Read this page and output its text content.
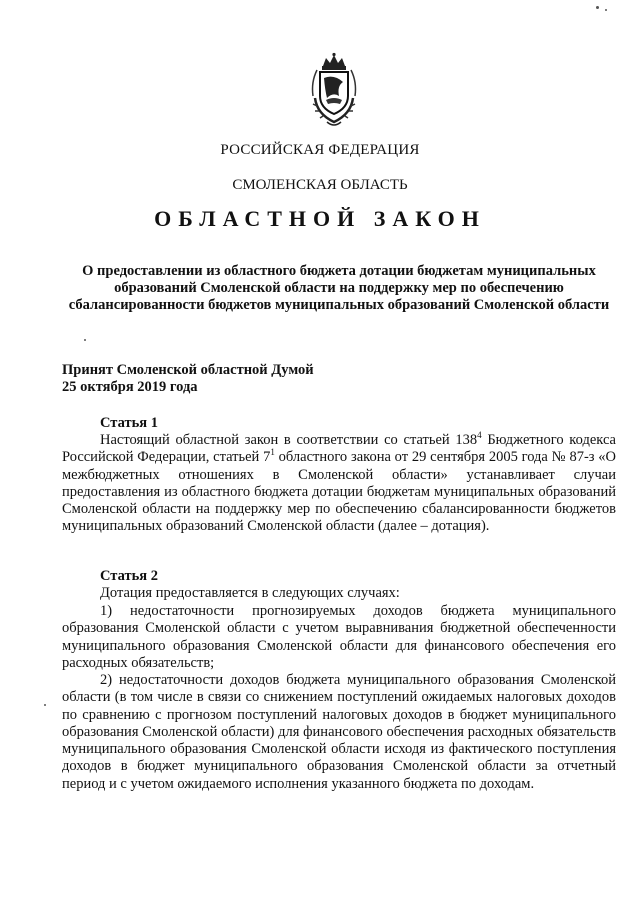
РОССИЙСКАЯ ФЕДЕРАЦИЯ
СМОЛЕНСКАЯ ОБЛАСТЬ
ОБЛАСТНОЙ ЗАКОН
О предоставлении из областного бюджета дотации бюджетам муниципальных образований Смоленской области на поддержку мер по обеспечению сбалансированности бюджетов муниципальных образований Смоленской области
Принят Смоленской областной Думой
25 октября 2019 года
Статья 1

Настоящий областной закон в соответствии со статьей $138^4$ Бюджетного кодекса Российской Федерации, статьей $7^1$ областного закона от 29 сентября 2005 года № 87-з «О межбюджетных отношениях в Смоленской области» устанавливает случаи предоставления из областного бюджета дотации бюджетам муниципальных образований Смоленской области на поддержку мер по обеспечению сбалансированности бюджетов муниципальных образований Смоленской области (далее – дотация).

Статья 2

Дотация предоставляется в следующих случаях:

1) недостаточности прогнозируемых доходов бюджета муниципального образования Смоленской области с учетом выравнивания бюджетной обеспеченности муниципального образования Смоленской области для финансового обеспечения его расходных обязательств;

2) недостаточности доходов бюджета муниципального образования Смоленской области (в том числе в связи со снижением поступлений ожидаемых налоговых доходов по сравнению с прогнозом поступлений налоговых доходов в бюджет муниципального образования Смоленской области) для финансового обеспечения расходных обязательств муниципального образования Смоленской области исходя из фактического поступления доходов в бюджет муниципального образования Смоленской области за отчетный период и с учетом ожидаемого исполнения указанного бюджета по доходам.
